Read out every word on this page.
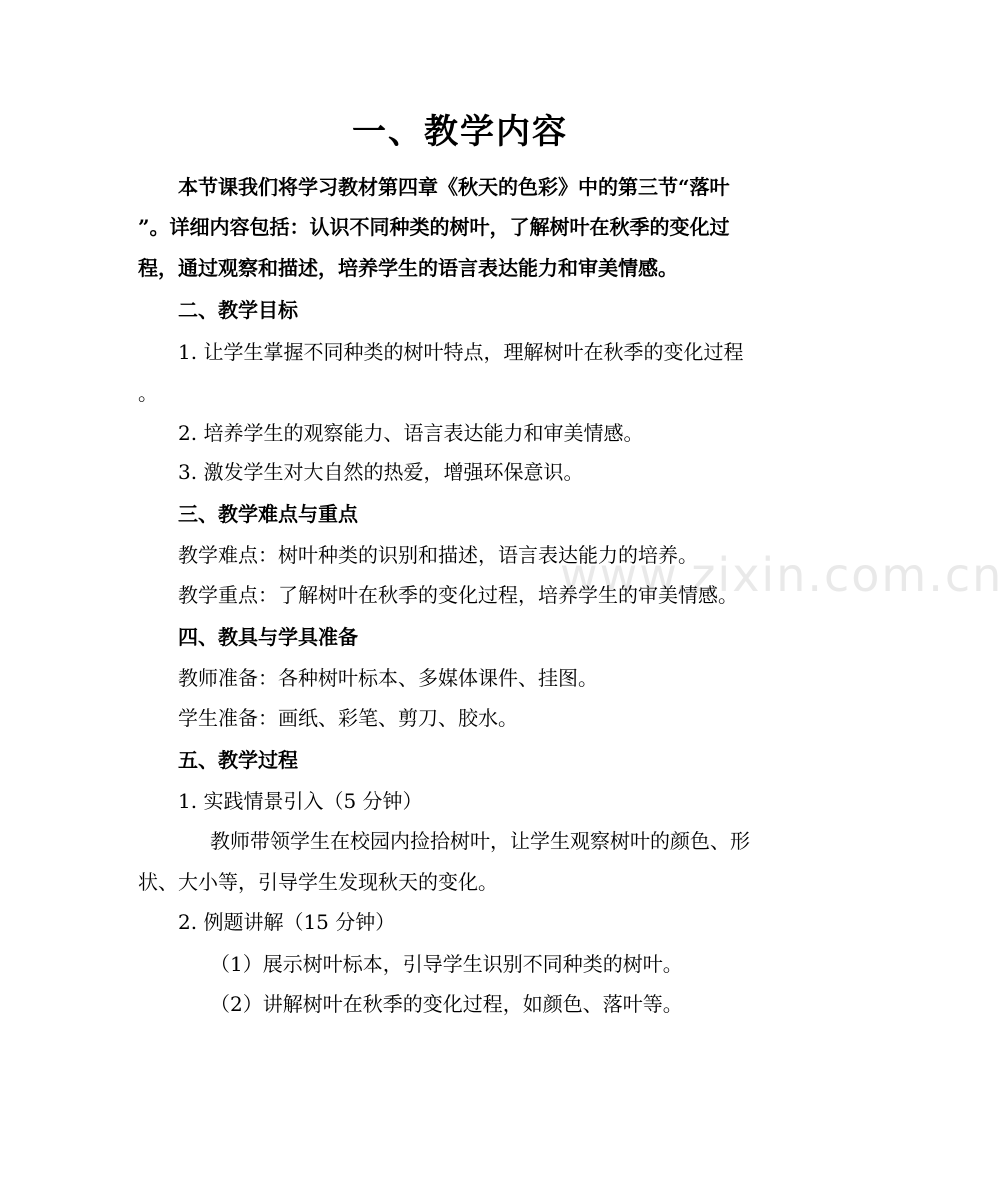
www.zixin.com.cn
一、教学内容
本节课我们将学习教材第四章《秋天的色彩》中的第三节“落叶
”。详细内容包括：认识不同种类的树叶，了解树叶在秋季的变化过
程，通过观察和描述，培养学生的语言表达能力和审美情感。
二、教学目标
1. 让学生掌握不同种类的树叶特点，理解树叶在秋季的变化过程
。
2. 培养学生的观察能力、语言表达能力和审美情感。
3. 激发学生对大自然的热爱，增强环保意识。
三、教学难点与重点
教学难点：树叶种类的识别和描述，语言表达能力的培养。
教学重点：了解树叶在秋季的变化过程，培养学生的审美情感。
四、教具与学具准备
教师准备：各种树叶标本、多媒体课件、挂图。
学生准备：画纸、彩笔、剪刀、胶水。
五、教学过程
1. 实践情景引入（5 分钟）
教师带领学生在校园内捡拾树叶，让学生观察树叶的颜色、形
状、大小等，引导学生发现秋天的变化。
2. 例题讲解（15 分钟）
（1）展示树叶标本，引导学生识别不同种类的树叶。
（2）讲解树叶在秋季的变化过程，如颜色、落叶等。
